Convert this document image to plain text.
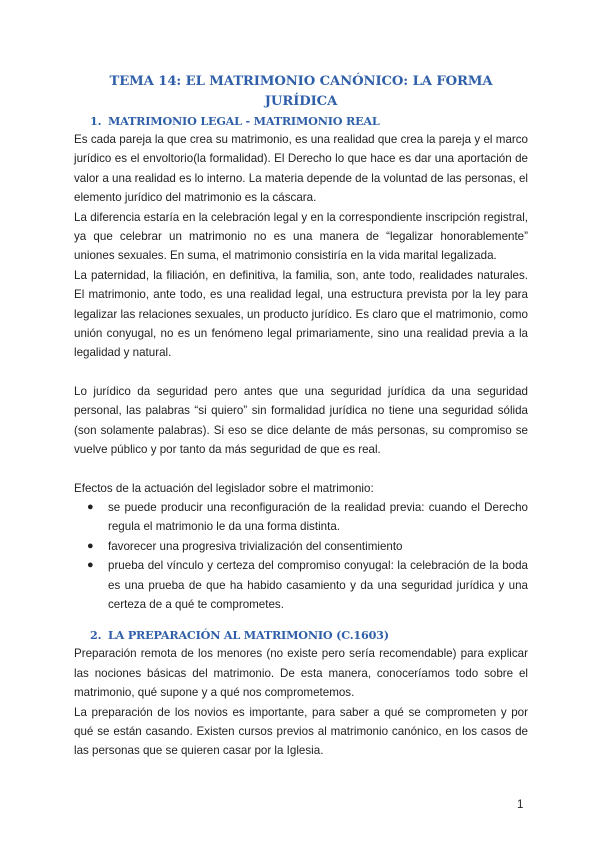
TEMA 14: EL MATRIMONIO CANÓNICO: LA FORMA JURÍDICA
1. MATRIMONIO LEGAL - MATRIMONIO REAL

Es cada pareja la que crea su matrimonio, es una realidad que crea la pareja y el marco jurídico es el envoltorio(la formalidad). El Derecho lo que hace es dar una aportación de valor a una realidad es lo interno. La materia depende de la voluntad de las personas, el elemento jurídico del matrimonio es la cáscara.

La diferencia estaría en la celebración legal y en la correspondiente inscripción registral, ya que celebrar un matrimonio no es una manera de “legalizar honorablemente” uniones sexuales. En suma, el matrimonio consistiría en la vida marital legalizada.

La paternidad, la filiación, en definitiva, la familia, son, ante todo, realidades naturales. El matrimonio, ante todo, es una realidad legal, una estructura prevista por la ley para legalizar las relaciones sexuales, un producto jurídico. Es claro que el matrimonio, como unión conyugal, no es un fenómeno legal primariamente, sino una realidad previa a la legalidad y natural.

Lo jurídico da seguridad pero antes que una seguridad jurídica da una seguridad personal, las palabras “si quiero” sin formalidad jurídica no tiene una seguridad sólida (son solamente palabras). Si eso se dice delante de más personas, su compromiso se vuelve público y por tanto da más seguridad de que es real.

Efectos de la actuación del legislador sobre el matrimonio:

● se puede producir una reconfiguración de la realidad previa: cuando el Derecho regula el matrimonio le da una forma distinta.
● favorecer una progresiva trivialización del consentimiento
● prueba del vínculo y certeza del compromiso conyugal: la celebración de la boda es una prueba de que ha habido casamiento y da una seguridad jurídica y una certeza de a qué te comprometes.
2. LA PREPARACIÓN AL MATRIMONIO (C.1603)

Preparación remota de los menores (no existe pero sería recomendable) para explicar las nociones básicas del matrimonio. De esta manera, conoceríamos todo sobre el matrimonio, qué supone y a qué nos comprometemos.

La preparación de los novios es importante, para saber a qué se comprometen y por qué se están casando. Existen cursos previos al matrimonio canónico, en los casos de las personas que se quieren casar por la Iglesia.

1
